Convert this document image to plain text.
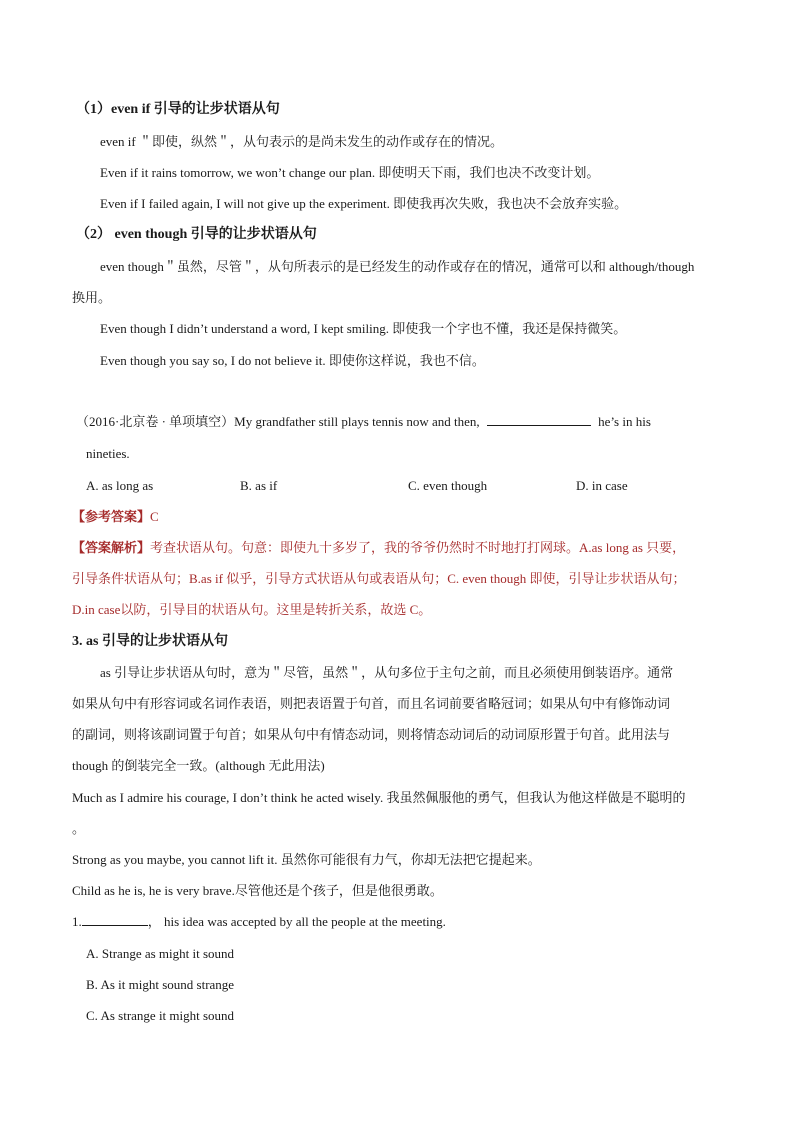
（1）even if 引导的让步状语从句
even if ＂即使，纵然＂，从句表示的是尚未发生的动作或存在的情况。
Even if it rains tomorrow, we won’t change our plan. 即使明天下雨，我们也决不改变计划。
Even if I failed again, I will not give up the experiment. 即使我再次失败，我也决不会放弃实验。
（2） even though 引导的让步状语从句
even though＂虽然，尽管＂，从句所表示的是已经发生的动作或存在的情况，通常可以和 although/though
换用。
Even though I didn’t understand a word, I kept smiling. 即使我一个字也不懂，我还是保持微笑。
Even though you say so, I do not believe it. 即使你这样说，我也不信。
（2016·北京卷 · 单项填空）My grandfather still plays tennis now and then,	he’s in his
nineties.
A. as long as	B. as if	C. even though	D. in case
【参考答案】C
【答案解析】考查状语从句。句意：即使九十多岁了，我的爷爷仍然时不时地打打网球。A.as long as 只要，
引导条件状语从句；B.as if 似乎，引导方式状语从句或表语从句；C. even though 即使，引导让步状语从句；
D.in case以防，引导目的状语从句。这里是转折关系，故选 C。
3. as 引导的让步状语从句
as 引导让步状语从句时，意为＂尽管，虽然＂，从句多位于主句之前，而且必须使用倒装语序。通常
如果从句中有形容词或名词作表语，则把表语置于句首，而且名词前要省略冠词；如果从句中有修饰动词
的副词，则将该副词置于句首；如果从句中有情态动词，则将情态动词后的动词原形置于句首。此用法与
though 的倒装完全一致。(although 无此用法)
Much as I admire his courage, I don’t think he acted wisely. 我虽然佩服他的勇气，但我认为他这样做是不聪明的
。
Strong as you maybe, you cannot lift it. 虽然你可能很有力气，你却无法把它提起来。
Child as he is, he is very brave.尽管他还是个孩子，但是他很勇敢。
1.	， his idea was accepted by all the people at the meeting.
A. Strange as might it sound
B. As it might sound strange
C. As strange it might sound
